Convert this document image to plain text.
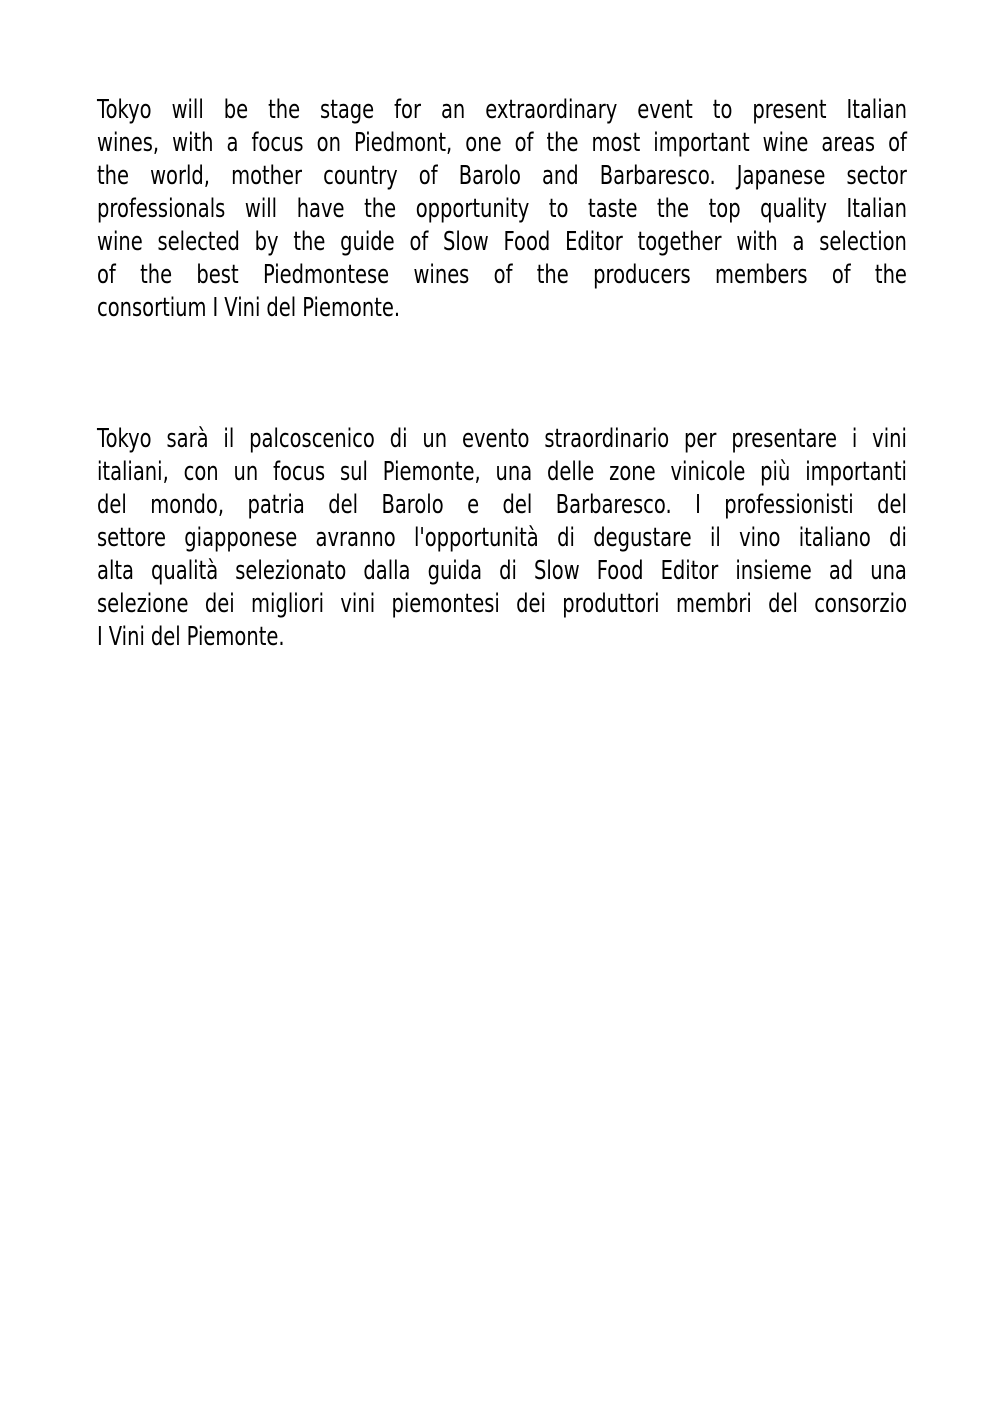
Tokyo will be the stage for an extraordinary event to present Italian
wines, with a focus on Piedmont, one of the most important wine areas of
the world, mother country of Barolo and Barbaresco. Japanese sector
professionals will have the opportunity to taste the top quality Italian
wine selected by the guide of Slow Food Editor together with a selection
of the best Piedmontese wines of the producers members of the
consortium I Vini del Piemonte.
Tokyo sarà il palcoscenico di un evento straordinario per presentare i vini
italiani, con un focus sul Piemonte, una delle zone vinicole più importanti
del mondo, patria del Barolo e del Barbaresco. I professionisti del
settore giapponese avranno l'opportunità di degustare il vino italiano di
alta qualità selezionato dalla guida di Slow Food Editor insieme ad una
selezione dei migliori vini piemontesi dei produttori membri del consorzio
I Vini del Piemonte.
